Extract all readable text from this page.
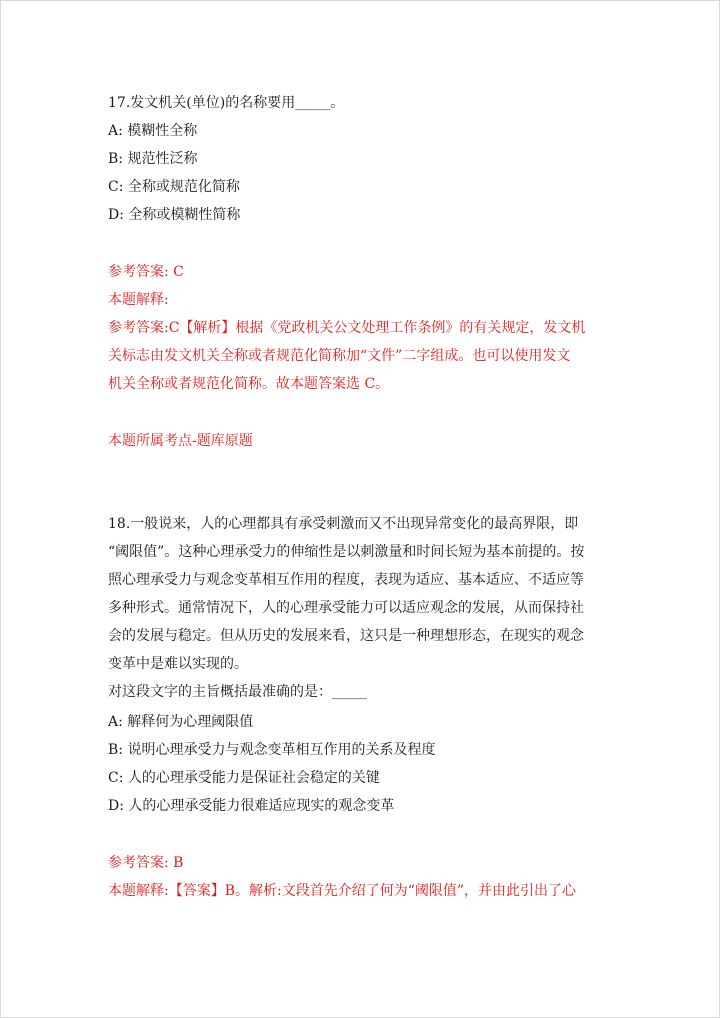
17.发文机关(单位)的名称要用_____。
A: 模糊性全称
B: 规范性泛称
C: 全称或规范化简称
D: 全称或模糊性简称
参考答案: C
本题解释:
参考答案:C【解析】根据《党政机关公文处理工作条例》的有关规定，发文机
关标志由发文机关全称或者规范化简称加“文件”二字组成。也可以使用发文
机关全称或者规范化简称。故本题答案选 C。
本题所属考点-题库原题
18.一般说来，人的心理都具有承受刺激而又不出现异常变化的最高界限，即
“阈限值”。这种心理承受力的伸缩性是以刺激量和时间长短为基本前提的。按
照心理承受力与观念变革相互作用的程度，表现为适应、基本适应、不适应等
多种形式。通常情况下，人的心理承受能力可以适应观念的发展，从而保持社
会的发展与稳定。但从历史的发展来看，这只是一种理想形态，在现实的观念
变革中是难以实现的。
对这段文字的主旨概括最准确的是：_____
A: 解释何为心理阈限值
B: 说明心理承受力与观念变革相互作用的关系及程度
C: 人的心理承受能力是保证社会稳定的关键
D: 人的心理承受能力很难适应现实的观念变革
参考答案: B
本题解释:【答案】B。解析:文段首先介绍了何为“阈限值”，并由此引出了心
